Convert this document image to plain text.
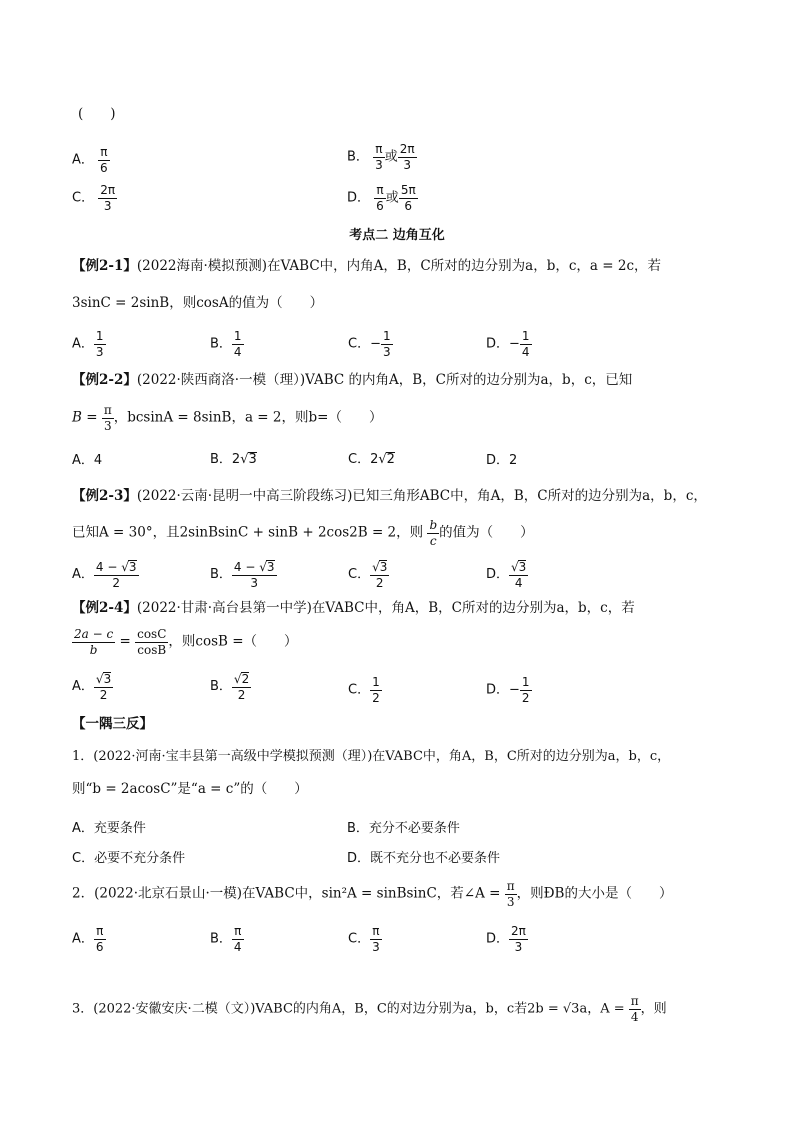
(　　)
A． $\frac{\pi}{6}$	B． $\frac{\pi}{3}$ 或 $\frac{2\pi}{3}$
C． $\frac{2\pi}{3}$	D． $\frac{\pi}{6}$ 或 $\frac{5\pi}{6}$
考点二 边角互化
【例2-1】(2022海南·模拟预测)在VABC中，内角A，B，C所对的边分别为a，b，c，a = 2c，若
3sinC = 2sinB，则cosA的值为（　　）
A． $\frac{1}{3}$	B． $\frac{1}{4}$	C．− $\frac{1}{3}$	D．− $\frac{1}{4}$
【例2-2】(2022·陕西商洛·一模（理）)VABC 的内角A，B，C所对的边分别为a，b，c，已知
$B = \frac{\pi}{3}$ ，bcsinA = 8sinB，a = 2，则b=（　　）
A．4	B．2√3	C．2√2	D．2
【例2-3】(2022·云南·昆明一中高三阶段练习)已知三角形ABC中，角A，B，C所对的边分别为a，b，c，
已知A = 30°，且2sinBsinC + sinB + 2cos2B = 2，则 $\frac{b}{c}$ 的值为（　　）
A． $\frac{4 - √3}{2}$	B． $\frac{4 - √3}{3}$	C． $\frac{√3}{2}$	D． $\frac{√3}{4}$
【例2-4】(2022·甘肃·高台县第一中学)在VABC中，角A，B，C所对的边分别为a，b，c，若
$\frac{2a - c}{b} = \frac{\cos C}{\cos B}$ ，则cosB =（　　）
A． $\frac{√3}{2}$	B． $\frac{√2}{2}$	C． $\frac{1}{2}$	D．− $\frac{1}{2}$
【一隅三反】
1．(2022·河南·宝丰县第一高级中学模拟预测（理）)在VABC中，角A，B，C所对的边分别为a，b，c，
则“b = 2acosC”是“a = c”的（　　）
A．充要条件	B．充分不必要条件
C．必要不充分条件	D．既不充分也不必要条件
2．(2022·北京石景山·一模)在VABC中，sin²A = sinBsinC，若∠A = $\frac{\pi}{3}$ ，则ÐB的大小是（　　）
A． $\frac{\pi}{6}$	B． $\frac{\pi}{4}$	C． $\frac{\pi}{3}$	D． $\frac{2\pi}{3}$
3．(2022·安徽安庆·二模（文）)VABC的内角A，B，C的对边分别为a，b，c若2b = √3a，$A = \frac{\pi}{4}$ ，则
